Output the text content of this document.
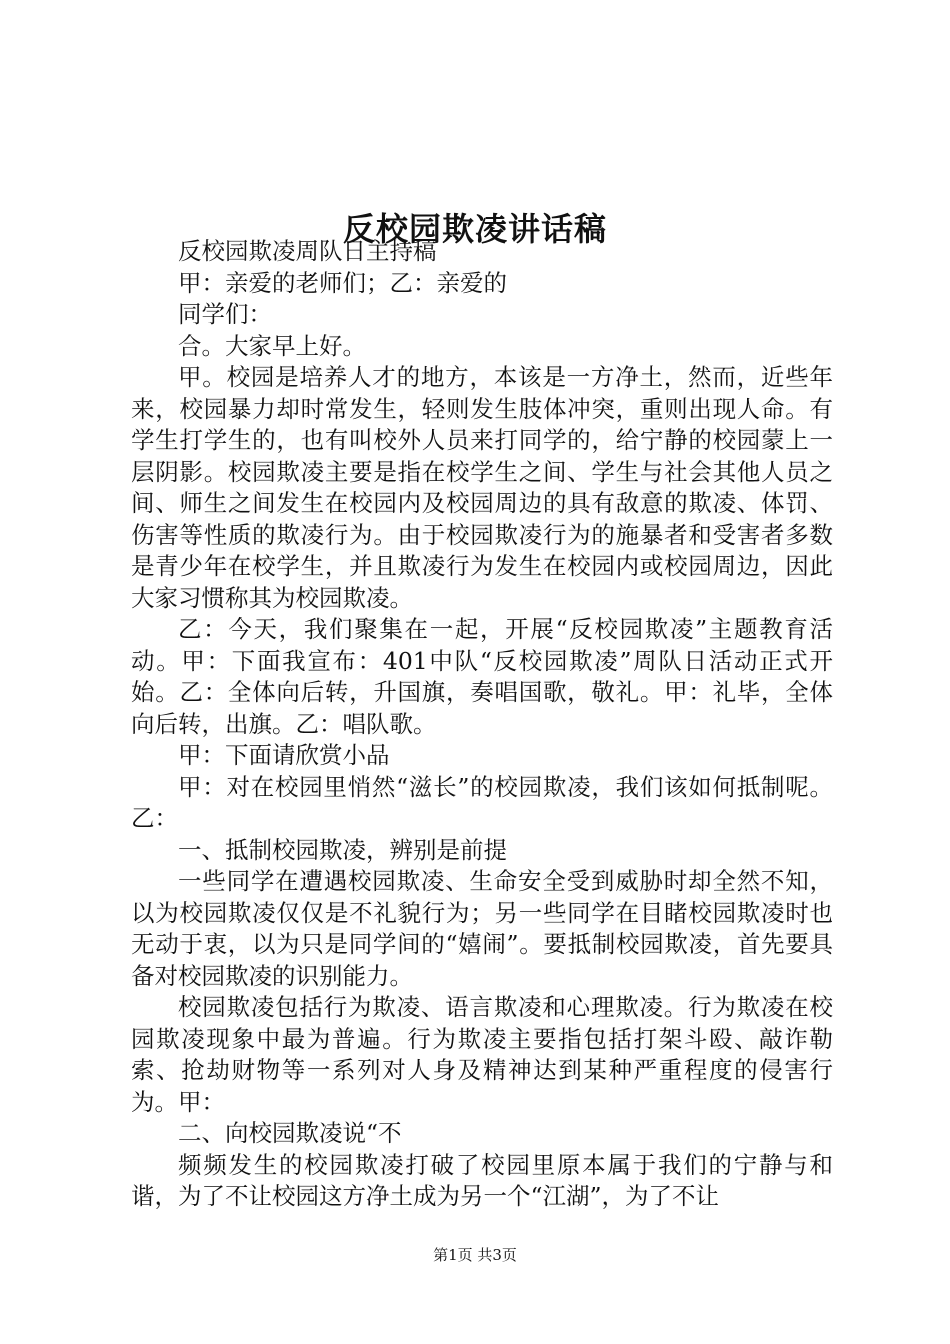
反校园欺凌讲话稿

反校园欺凌周队日主持稿

甲：亲爱的老师们；乙：亲爱的

同学们：

合。大家早上好。

甲。校园是培养人才的地方，本该是一方净土，然而，近些年来，校园暴力却时常发生，轻则发生肢体冲突，重则出现人命。有学生打学生的，也有叫校外人员来打同学的，给宁静的校园蒙上一层阴影。校园欺凌主要是指在校学生之间、学生与社会其他人员之间、师生之间发生在校园内及校园周边的具有敌意的欺凌、体罚、伤害等性质的欺凌行为。由于校园欺凌行为的施暴者和受害者多数是青少年在校学生，并且欺凌行为发生在校园内或校园周边，因此大家习惯称其为校园欺凌。

乙：今天，我们聚集在一起，开展“反校园欺凌”主题教育活动。甲：下面我宣布：401中队“反校园欺凌”周队日活动正式开始。乙：全体向后转，升国旗，奏唱国歌，敬礼。甲：礼毕，全体向后转，出旗。乙：唱队歌。

甲：下面请欣赏小品

甲：对在校园里悄然“滋长”的校园欺凌，我们该如何抵制呢。乙：

一、抵制校园欺凌，辨别是前提

一些同学在遭遇校园欺凌、生命安全受到威胁时却全然不知，以为校园欺凌仅仅是不礼貌行为；另一些同学在目睹校园欺凌时也无动于衷，以为只是同学间的“嬉闹”。要抵制校园欺凌，首先要具备对校园欺凌的识别能力。

校园欺凌包括行为欺凌、语言欺凌和心理欺凌。行为欺凌在校园欺凌现象中最为普遍。行为欺凌主要指包括打架斗殴、敲诈勒索、抢劫财物等一系列对人身及精神达到某种严重程度的侵害行为。甲：

二、向校园欺凌说“不

频频发生的校园欺凌打破了校园里原本属于我们的宁静与和谐，为了不让校园这方净土成为另一个“江湖”，为了不让

第1页 共3页
